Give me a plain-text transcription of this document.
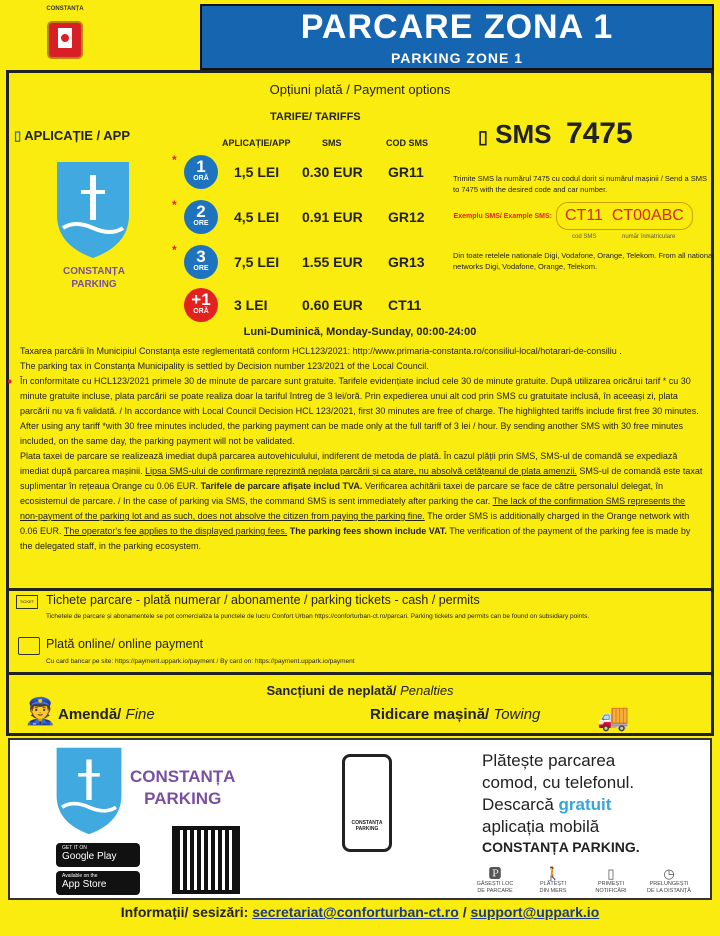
CONSTANȚA	PARCARE ZONA 1
PARKING ZONE 1
Opțiuni plată / Payment options
TARIFE/ TARIFFS
▯ APLICAȚIE / APP	APLICAȚIE/APP	SMS	COD SMS
*	1
ORĂ	1,5 LEI 0.30 EUR GR11
*	2
ORE	4,5 LEI 0.91 EUR GR12
*	3
ORE	7,5 LEI 1.55 EUR GR13
+1
ORĂ	3 LEI 0.60 EUR CT11
CONSTANȚA
PARKING
▯ SMS 7475
Trimite SMS la numărul 7475 cu codul dorit si numărul mașinii / Send a SMS to 7475 with the desired code and car number.
Exemplu SMS/ Example SMS: CT11 CT00ABC
cod SMS	număr înmatriculare
Din toate retelele nationale Digi, Vodafone, Orange, Telekom. From all national networks Digi, Vodafone, Orange, Telekom.
Luni-Duminică, Monday-Sunday, 00:00-24:00
Taxarea parcării în Municipiul Constanța este reglementată conform HCL123/2021: http://www.primaria-constanta.ro/consiliul-local/hotarari-de-consiliu .
The parking tax in Constanța Municipality is settled by Decision number 123/2021 of the Local Council.
● În conformitate cu HCL123/2021 primele 30 de minute de parcare sunt gratuite. Tarifele evidențiate includ cele 30 de minute gratuite. După utilizarea oricărui tarif * cu 30 minute gratuite incluse, plata parcării se poate realiza doar la tariful întreg de 3 lei/oră. Prin expedierea unui alt cod prin SMS cu gratuitate inclusă, în aceeași zi, plata parcării nu va fi validată. / In accordance with Local Council Decision HCL 123/2021, first 30 minutes are free of charge. The highlighted tariffs include first free 30 minutes. After using any tariff *with 30 free minutes included, the parking payment can be made only at the full tariff of 3 lei / hour. By sending another SMS with 30 free minutes included, on the same day, the parking payment will not be validated.
Plata taxei de parcare se realizează imediat după parcarea autovehiculului, indiferent de metoda de plată. În cazul plății prin SMS, SMS-ul de comandă se expediază imediat după parcarea mașinii. Lipsa SMS-ului de confirmare reprezintă neplata parcării și ca atare, nu absolvă cetățeanul de plata amenzii. SMS-ul de comandă este taxat suplimentar în rețeaua Orange cu 0.06 EUR. Tarifele de parcare afișate includ TVA. Verificarea achitării taxei de parcare se face de către personalul delegat, în ecosistemul de parcare. / In the case of parking via SMS, the command SMS is sent immediately after parking the car. The lack of the confirmation SMS represents the non-payment of the parking lot and as such, does not absolve the citizen from paying the parking fine. The order SMS is additionally charged in the Orange network with 0.06 EUR. The operator's fee applies to the displayed parking fees. The parking fees shown include VAT. The verification of the payment of the parking fee is made by the delegated staff, in the parking ecosystem.
TICKET Tichete parcare - plată numerar / abonamente / parking tickets - cash / permits
Tichetele de parcare și abonamentele se pot comercializa la punctele de lucru Confort Urban https://conforturban-ct.ro/parcari. Parking tickets and permits can be found on subsidiary points.
Plată online/ online payment
Cu card bancar pe site: https://payment.uppark.io/payment / By card on: https://payment.uppark.io/payment
Sancțiuni de neplată/ Penalties
👮 Amendă/ Fine	Ridicare mașină/ Towing 🚚
CONSTANȚA
PARKING
GET IT ON
Google Play
Available on the
App Store
CONSTANȚA PARKING
Plătește parcarea
comod, cu telefonul.
Descarcă gratuit
aplicația mobilă
CONSTANȚA PARKING.
🅿
GĂSEȘTI LOC
DE PARCARE
🚶
PLĂTEȘTI
DIN MERS
▯
PRIMEȘTI
NOTIFICĂRI
◷
PRELUNGEȘTI
DE LA DISTANȚĂ
Informații/ sesizări: secretariat@conforturban-ct.ro / support@uppark.io
